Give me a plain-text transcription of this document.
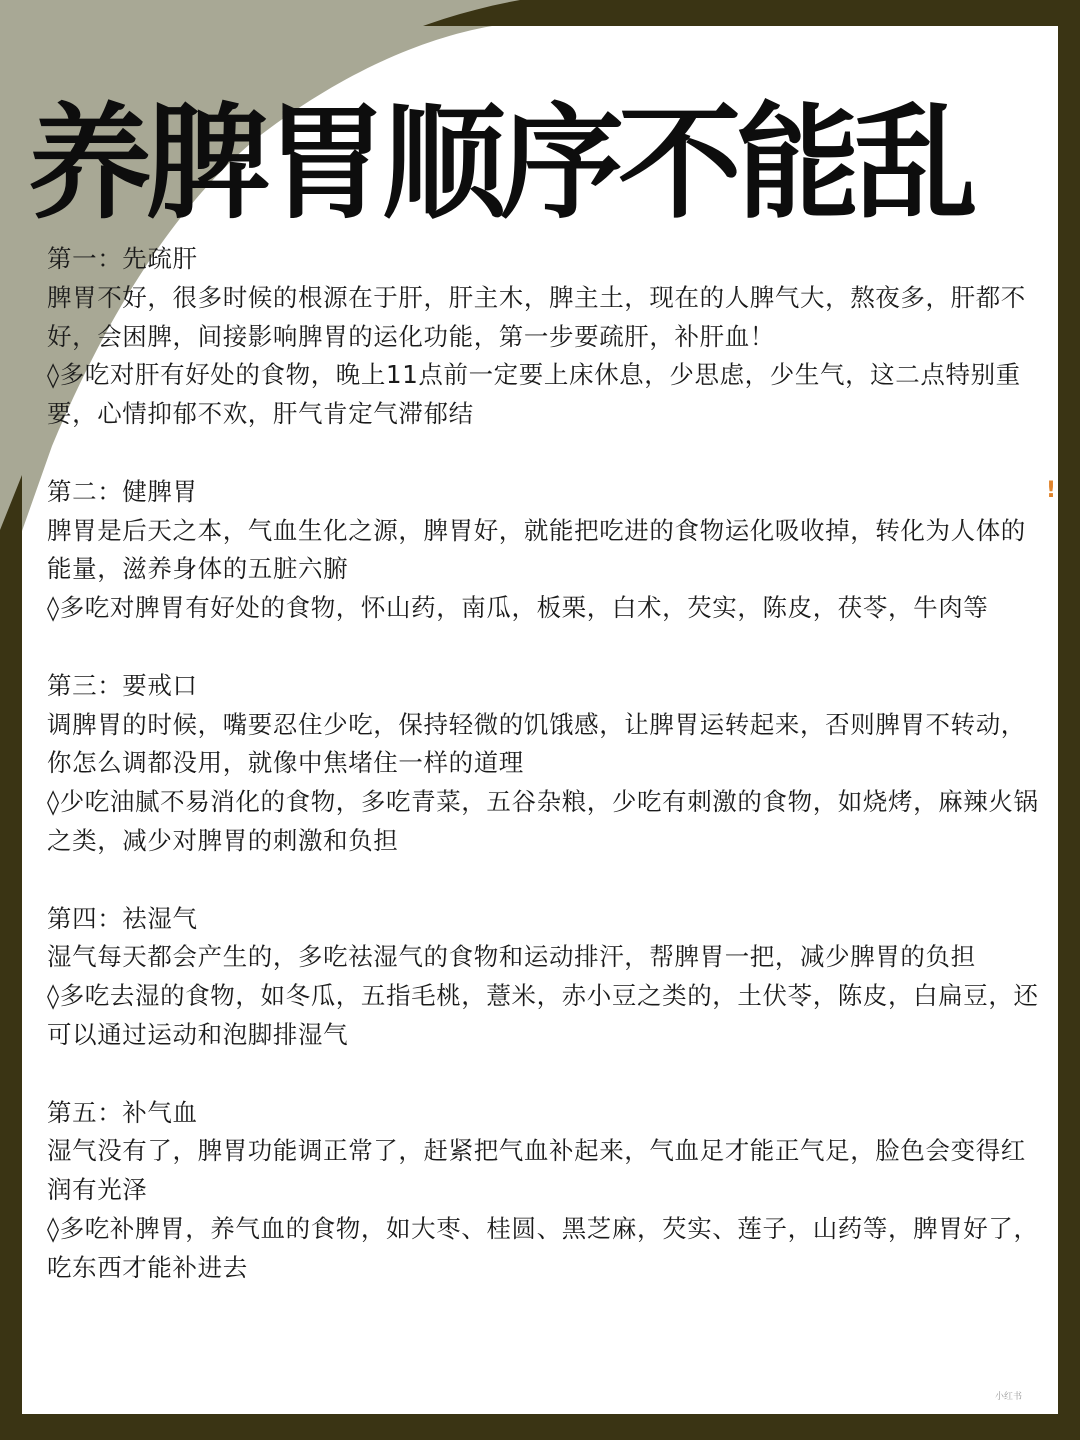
养脾胃顺序不能乱

第一：先疏肝

脾胃不好，很多时候的根源在于肝，肝主木，脾主土，现在的人脾气大，熬夜多，肝都不好，会困脾，间接影响脾胃的运化功能，第一步要疏肝，补肝血！

◊多吃对肝有好处的食物，晚上11点前一定要上床休息，少思虑，少生气，这二点特别重要，心情抑郁不欢，肝气肯定气滞郁结

第二：健脾胃

脾胃是后天之本，气血生化之源，脾胃好，就能把吃进的食物运化吸收掉，转化为人体的能量，滋养身体的五脏六腑

◊多吃对脾胃有好处的食物，怀山药，南瓜，板栗，白术，芡实，陈皮，茯苓，牛肉等

第三：要戒口

调脾胃的时候，嘴要忍住少吃，保持轻微的饥饿感，让脾胃运转起来，否则脾胃不转动，你怎么调都没用，就像中焦堵住一样的道理

◊少吃油腻不易消化的食物，多吃青菜，五谷杂粮，少吃有刺激的食物，如烧烤，麻辣火锅之类，减少对脾胃的刺激和负担

第四：祛湿气

湿气每天都会产生的，多吃祛湿气的食物和运动排汗，帮脾胃一把，减少脾胃的负担

◊多吃去湿的食物，如冬瓜，五指毛桃，薏米，赤小豆之类的，土伏苓，陈皮，白扁豆，还可以通过运动和泡脚排湿气

第五：补气血

湿气没有了，脾胃功能调正常了，赶紧把气血补起来，气血足才能正气足，脸色会变得红润有光泽

◊多吃补脾胃，养气血的食物，如大枣、桂圆、黑芝麻，芡实、莲子，山药等，脾胃好了，吃东西才能补进去

!
小红书
